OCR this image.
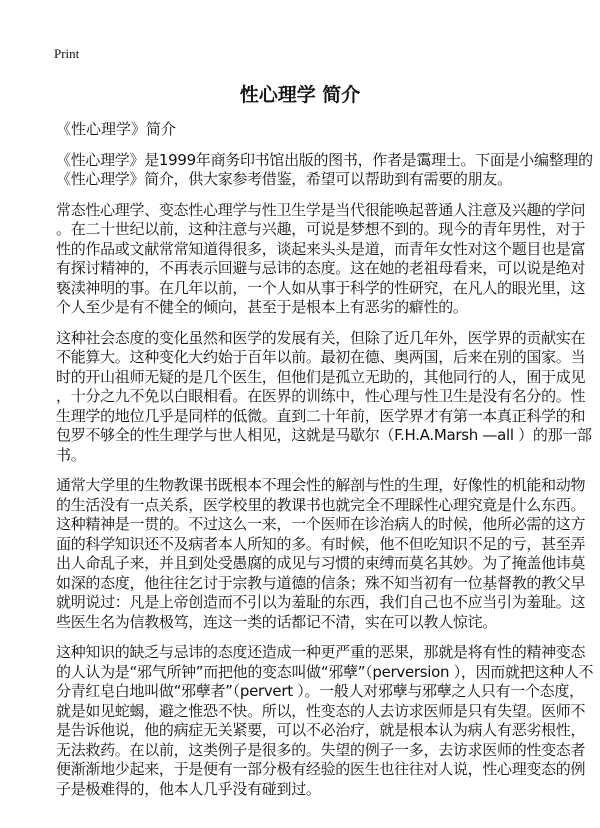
Print
性心理学 简介
《性心理学》简介
《性心理学》是1999年商务印书馆出版的图书，作者是霭理士。下面是小编整理的
《性心理学》简介，供大家参考借鉴，希望可以帮助到有需要的朋友。
常态性心理学、变态性心理学与性卫生学是当代很能唤起普通人注意及兴趣的学问
。在二十世纪以前，这种注意与兴趣，可说是梦想不到的。现今的青年男性，对于
性的作品或文献常常知道得很多，谈起来头头是道，而青年女性对这个题目也是富
有探讨精神的，不再表示回避与忌讳的态度。这在她的老祖母看来，可以说是绝对
亵渎神明的事。在几年以前，一个人如从事于科学的性研究，在凡人的眼光里，这
个人至少是有不健全的倾向，甚至于是根本上有恶劣的癖性的。
这种社会态度的变化虽然和医学的发展有关，但除了近几年外，医学界的贡献实在
不能算大。这种变化大约始于百年以前。最初在德、奥两国，后来在别的国家。当
时的开山祖师无疑的是几个医生，但他们是孤立无助的，其他同行的人，囿于成见
，十分之九不免以白眼相看。在医界的训练中，性心理与性卫生是没有名分的。性
生理学的地位几乎是同样的低微。直到二十年前，医学界才有第一本真正科学的和
包罗不够全的性生理学与世人相见，这就是马歇尔（F.H.A.Marsh —all ）的那一部
书。
通常大学里的生物教课书既根本不理会性的解剖与性的生理，好像性的机能和动物
的生活没有一点关系，医学校里的教课书也就完全不理睬性心理究竟是什么东西。
这种精神是一贯的。不过这么一来，一个医师在诊治病人的时候，他所必需的这方
面的科学知识还不及病者本人所知的多。有时候，他不但吃知识不足的亏，甚至弄
出人命乱子来，并且到处受愚腐的成见与习惯的束缚而莫名其妙。为了掩盖他讳莫
如深的态度，他往往乞讨于宗教与道德的信条；殊不知当初有一位基督教的教父早
就明说过：凡是上帝创造而不引以为羞耻的东西，我们自己也不应当引为羞耻。这
些医生名为信教极笃，连这一类的话都记不清，实在可以教人惊诧。
这种知识的缺乏与忌讳的态度还造成一种更严重的恶果，那就是将有性的精神变态
的人认为是“邪气所钟”而把他的变态叫做“邪孽”（perversion ），因而就把这种人不
分青红皂白地叫做“邪孽者”（pervert ）。一般人对邪孽与邪孽之人只有一个态度，
就是如见蛇蝎，避之惟恐不快。所以，性变态的人去访求医师是只有失望。医师不
是告诉他说，他的病症无关紧要，可以不必治疗，就是根本认为病人有恶劣根性，
无法救药。在以前，这类例子是很多的。失望的例子一多，去访求医师的性变态者
便渐渐地少起来，于是便有一部分极有经验的医生也往往对人说，性心理变态的例
子是极难得的，他本人几乎没有碰到过。
